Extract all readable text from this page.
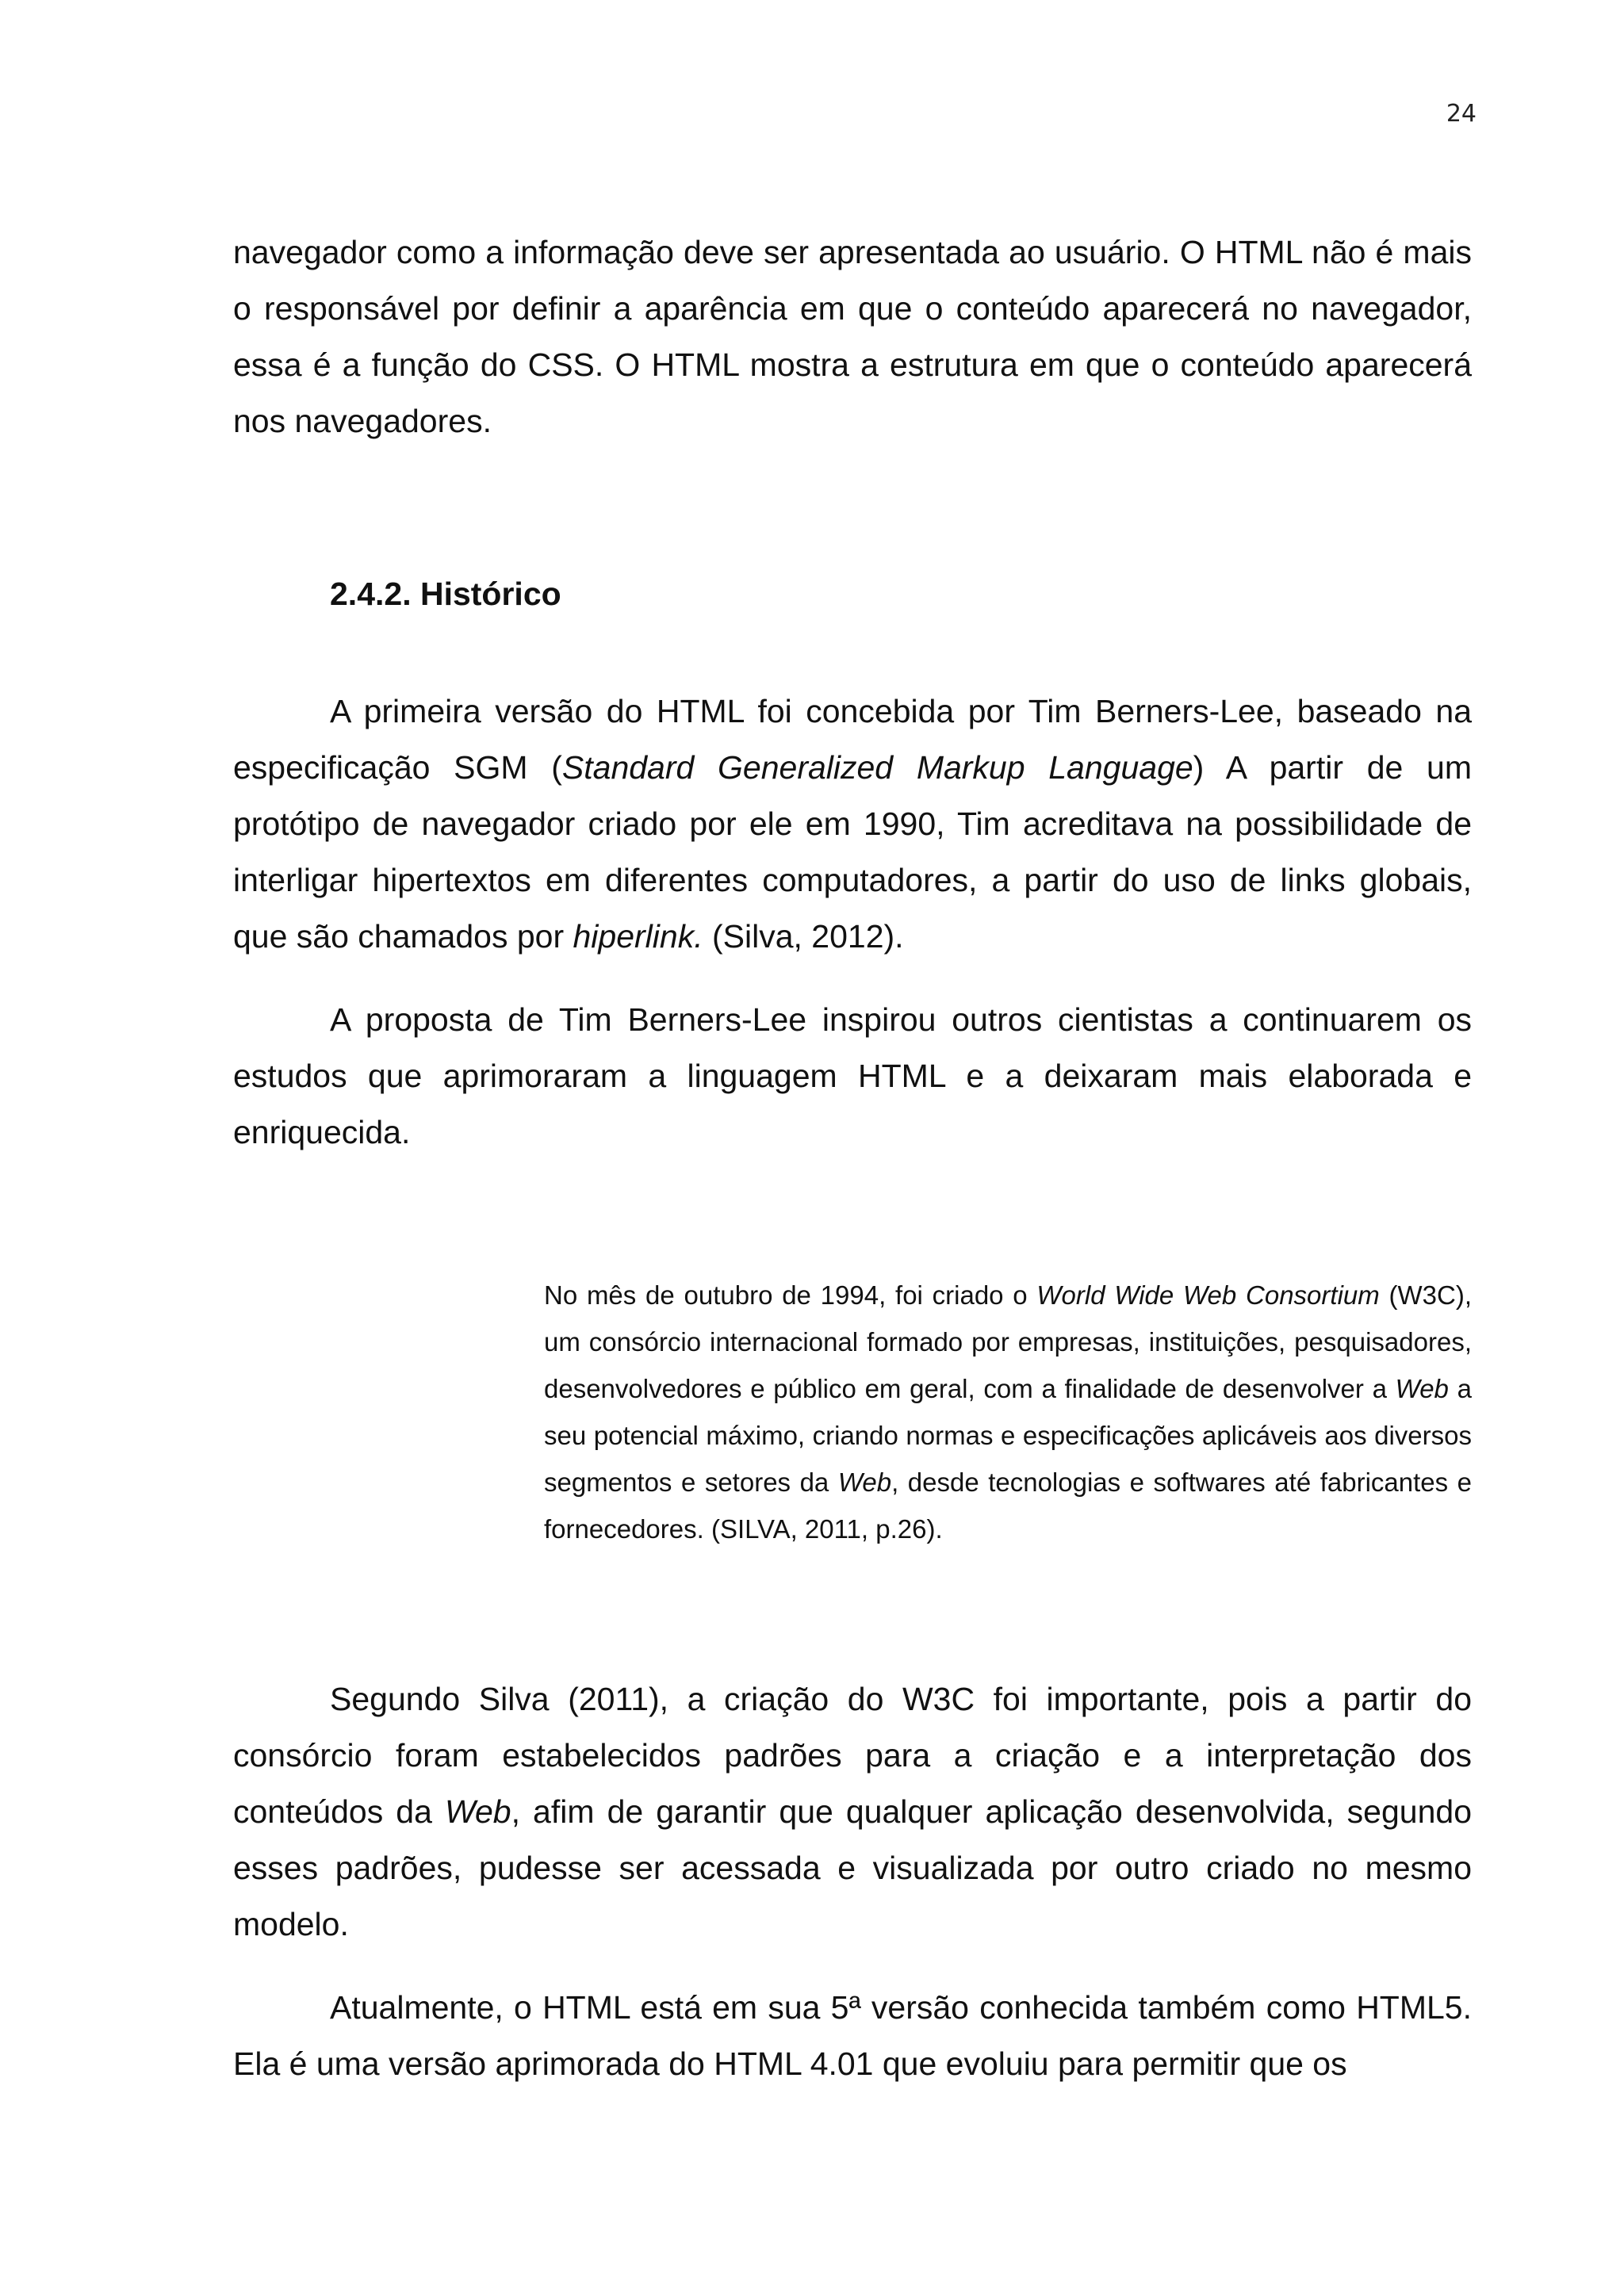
24

navegador como a informação deve ser apresentada ao usuário. O HTML não é mais o responsável por definir a aparência em que o conteúdo aparecerá no navegador, essa é a função do CSS. O HTML mostra a estrutura em que o conteúdo aparecerá nos navegadores.

2.4.2. Histórico

A primeira versão do HTML foi concebida por Tim Berners-Lee, baseado na especificação SGM (Standard Generalized Markup Language) A partir de um protótipo de navegador criado por ele em 1990, Tim acreditava na possibilidade de interligar hipertextos em diferentes computadores, a partir do uso de links globais, que são chamados por hiperlink. (Silva, 2012).

A proposta de Tim Berners-Lee inspirou outros cientistas a continuarem os estudos que aprimoraram a linguagem HTML e a deixaram mais elaborada e enriquecida.

No mês de outubro de 1994, foi criado o World Wide Web Consortium (W3C), um consórcio internacional formado por empresas, instituições, pesquisadores, desenvolvedores e público em geral, com a finalidade de desenvolver a Web a seu potencial máximo, criando normas e especificações aplicáveis aos diversos segmentos e setores da Web, desde tecnologias e softwares até fabricantes e fornecedores. (SILVA, 2011, p.26).

Segundo Silva (2011), a criação do W3C foi importante, pois a partir do consórcio foram estabelecidos padrões para a criação e a interpretação dos conteúdos da Web, afim de garantir que qualquer aplicação desenvolvida, segundo esses padrões, pudesse ser acessada e visualizada por outro criado no mesmo modelo.

Atualmente, o HTML está em sua 5ª versão conhecida também como HTML5. Ela é uma versão aprimorada do HTML 4.01 que evoluiu para permitir que os
